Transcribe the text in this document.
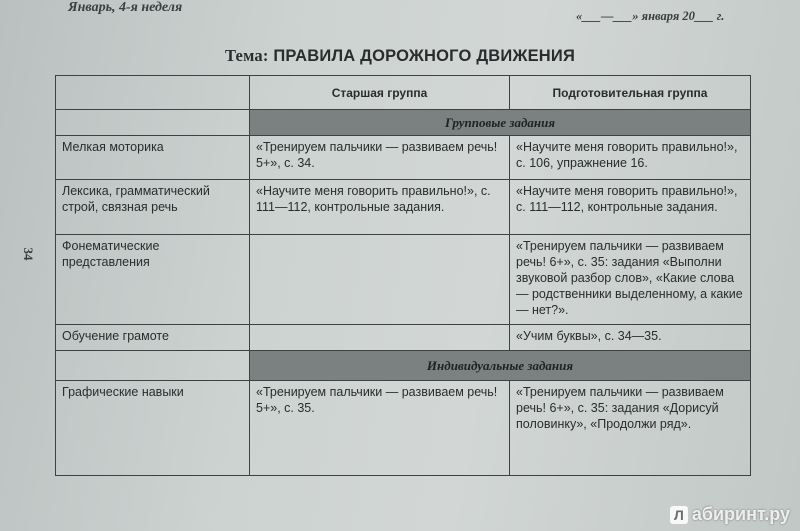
34
Январь, 4-я неделя
«___—___» января 20___ г.
Тема: ПРАВИЛА ДОРОЖНОГО ДВИЖЕНИЯ
	Старшая группа	Подготовительная группа
	Групповые задания	
Мелкая моторика	«Тренируем пальчики — развиваем речь! 5+», с. 34.	«Научите меня говорить правильно!», с. 106, упражнение 16.
Лексика, грамматический строй, связная речь	«Научите меня говорить правильно!», с. 111—112, контрольные задания.	«Научите меня говорить правильно!», с. 111—112, контрольные задания.
Фонематические представления		«Тренируем пальчики — развиваем речь! 6+», с. 35: задания «Выполни звуковой разбор слов», «Какие слова — родственники выделенному, а какие — нет?».
Обучение грамоте		«Учим буквы», с. 34—35.
	Индивидуальные задания	
Графические навыки	«Тренируем пальчики — развиваем речь! 5+», с. 35.	«Тренируем пальчики — развиваем речь! 6+», с. 35: задания «Дорисуй половинку», «Продолжи ряд».
Л абиринт.ру
